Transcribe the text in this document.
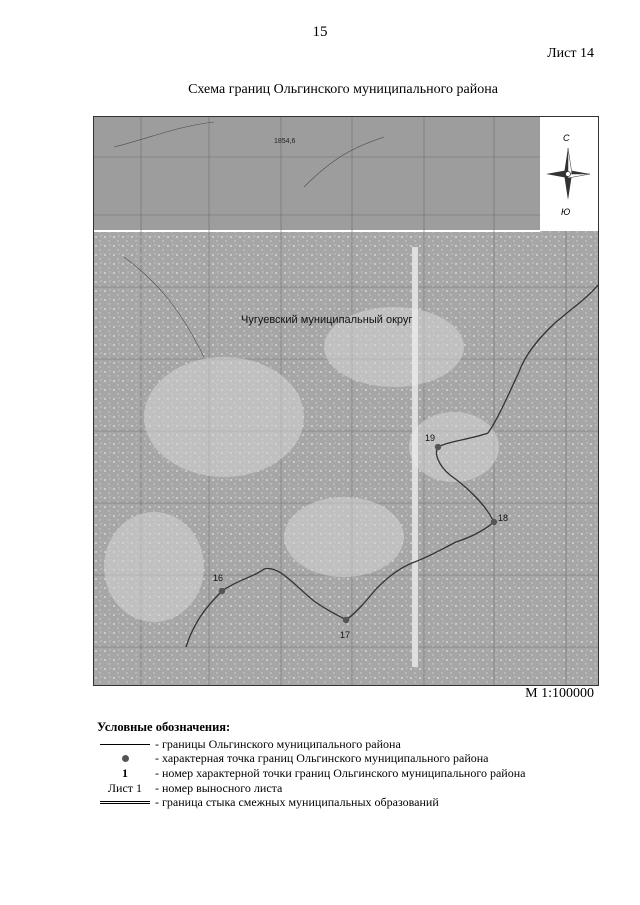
15
Лист 14
Схема границ Ольгинского муниципального района
С
Ю
1854,6
Чугуевский муниципальный округ
16
17
18
19
М 1:100000
Условные обозначения:
- границы Ольгинского муниципального района
- характерная точка границ Ольгинского муниципального района
1 - номер характерной точки границ Ольгинского муниципального района
Лист 1 - номер выносного листа
- граница стыка смежных муниципальных образований
